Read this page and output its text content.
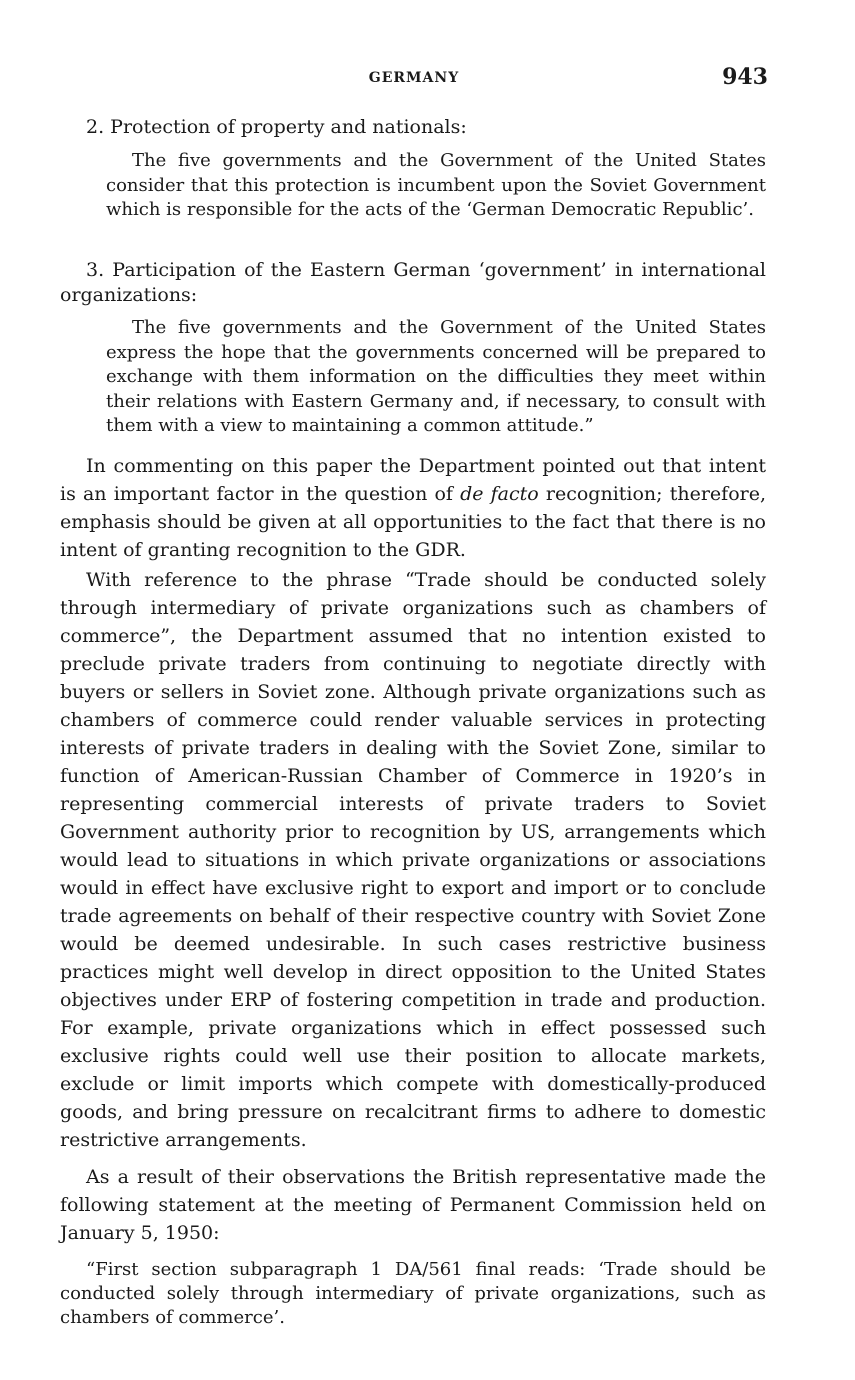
GERMANY	943
2. Protection of property and nationals:

The five governments and the Government of the United States consider that this protection is incumbent upon the Soviet Government which is responsible for the acts of the ‘German Democratic Republic’.

3. Participation of the Eastern German ‘government’ in international organizations:

The five governments and the Government of the United States express the hope that the governments concerned will be prepared to exchange with them information on the difficulties they meet within their relations with Eastern Germany and, if necessary, to consult with them with a view to maintaining a common attitude.”

In commenting on this paper the Department pointed out that intent is an important factor in the question of de facto recognition; therefore, emphasis should be given at all opportunities to the fact that there is no intent of granting recognition to the GDR.

With reference to the phrase “Trade should be conducted solely through intermediary of private organizations such as chambers of commerce”, the Department assumed that no intention existed to preclude private traders from continuing to negotiate directly with buyers or sellers in Soviet zone. Although private organizations such as chambers of commerce could render valuable services in protecting interests of private traders in dealing with the Soviet Zone, similar to function of American-Russian Chamber of Commerce in 1920’s in representing commercial interests of private traders to Soviet Government authority prior to recognition by US, arrangements which would lead to situations in which private organizations or associations would in effect have exclusive right to export and import or to conclude trade agreements on behalf of their respective country with Soviet Zone would be deemed undesirable. In such cases restrictive business practices might well develop in direct opposition to the United States objectives under ERP of fostering competition in trade and production. For example, private organizations which in effect possessed such exclusive rights could well use their position to allocate markets, exclude or limit imports which compete with domestically-produced goods, and bring pressure on recalcitrant firms to adhere to domestic restrictive arrangements.

As a result of their observations the British representative made the following statement at the meeting of Permanent Commission held on January 5, 1950:

“First section subparagraph 1 DA/561 final reads: ‘Trade should be conducted solely through intermediary of private organizations, such as chambers of commerce’.
